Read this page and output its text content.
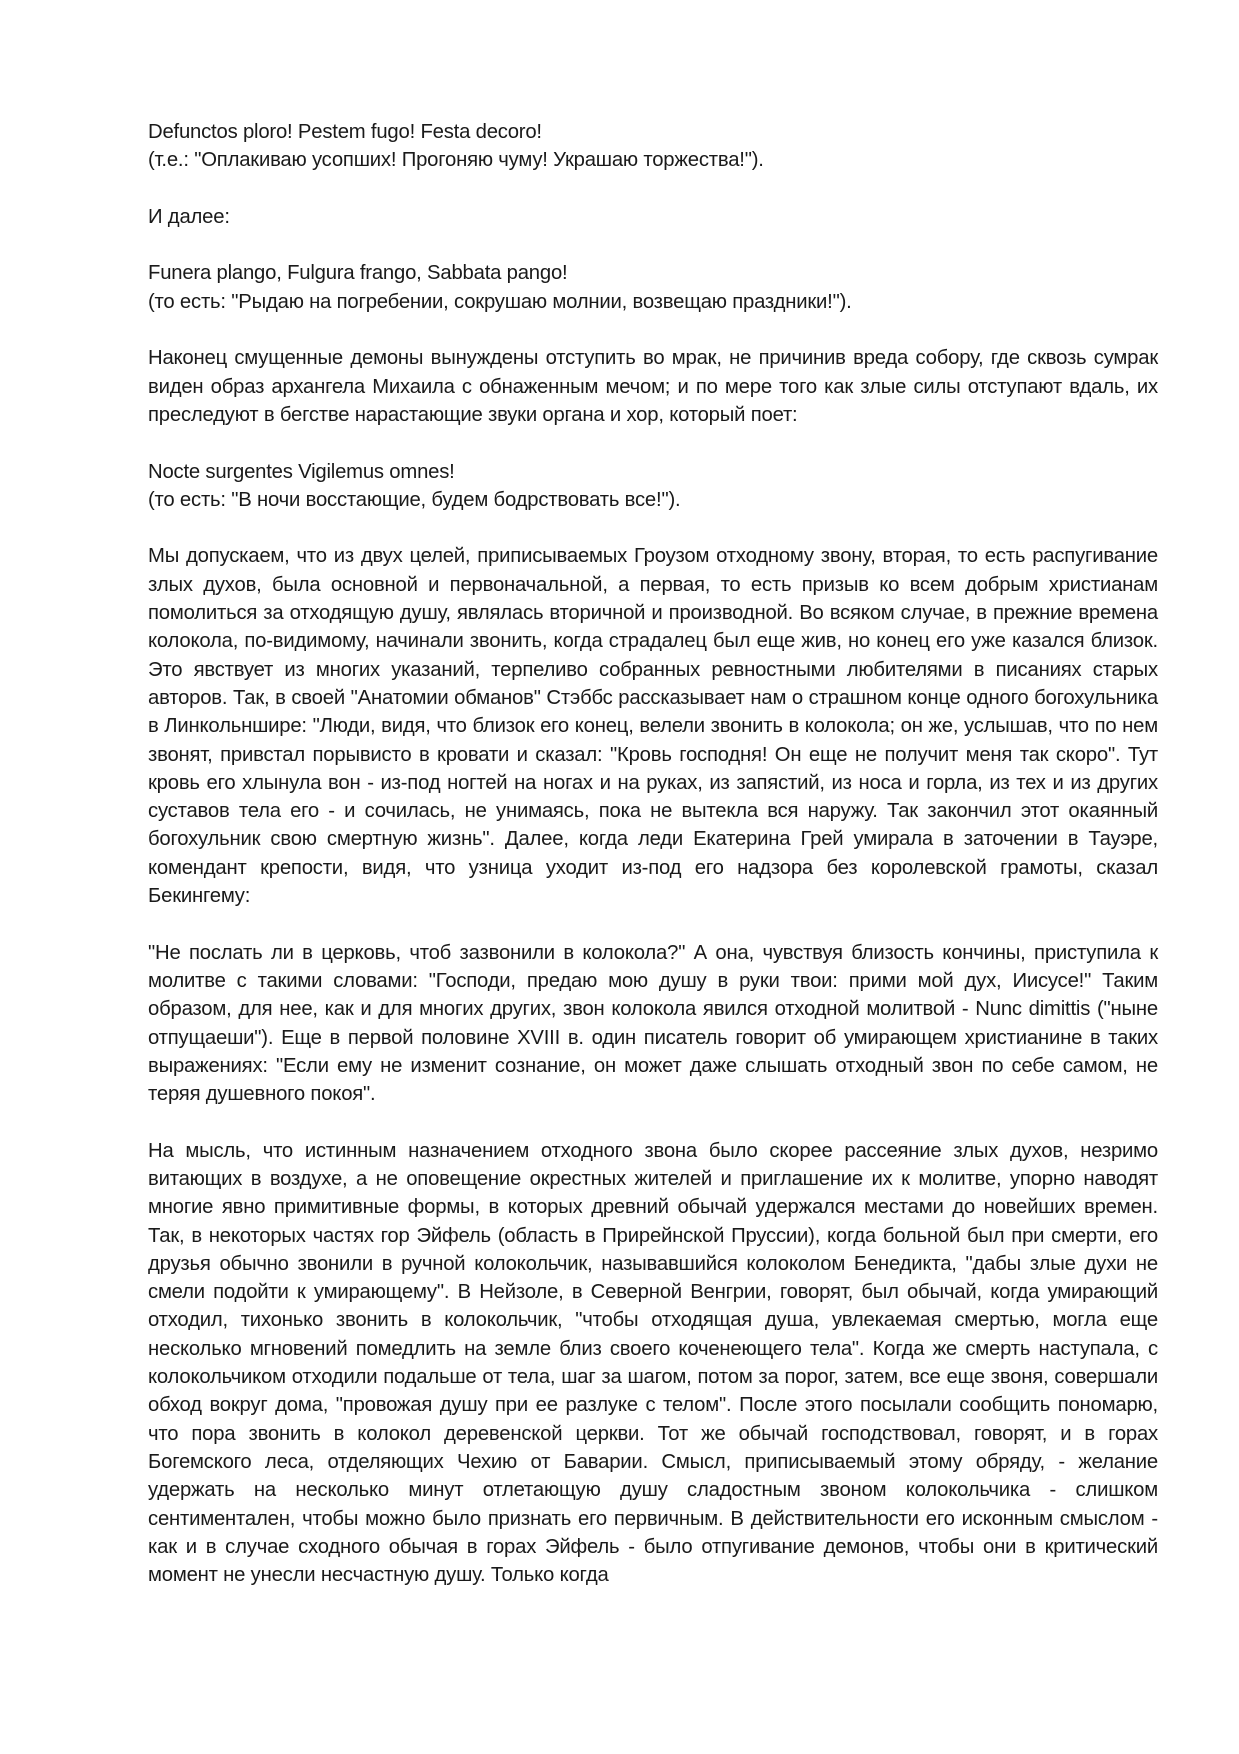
Defunctos ploro! Pestem fugo! Festa decoro!
(т.е.: "Оплакиваю усопших! Прогоняю чуму! Украшаю торжества!").
И далее:
Funera plango, Fulgura frango, Sabbata pango!
(то есть: "Рыдаю на погребении, сокрушаю молнии, возвещаю праздники!").
Наконец смущенные демоны вынуждены отступить во мрак, не причинив вреда собору, где сквозь сумрак виден образ архангела Михаила с обнаженным мечом; и по мере того как злые силы отступают вдаль, их преследуют в бегстве нарастающие звуки органа и хор, который поет:
Nocte surgentes Vigilemus omnes!
(то есть: "В ночи восстающие, будем бодрствовать все!").
Мы допускаем, что из двух целей, приписываемых Гроузом отходному звону, вторая, то есть распугивание злых духов, была основной и первоначальной, а первая, то есть призыв ко всем добрым христианам помолиться за отходящую душу, являлась вторичной и производной. Во всяком случае, в прежние времена колокола, по-видимому, начинали звонить, когда страдалец был еще жив, но конец его уже казался близок. Это явствует из многих указаний, терпеливо собранных ревностными любителями в писаниях старых авторов. Так, в своей "Анатомии обманов" Стэббс рассказывает нам о страшном конце одного богохульника в Линкольншире: "Люди, видя, что близок его конец, велели звонить в колокола; он же, услышав, что по нем звонят, привстал порывисто в кровати и сказал: "Кровь господня! Он еще не получит меня так скоро". Тут кровь его хлынула вон - из-под ногтей на ногах и на руках, из запястий, из носа и горла, из тех и из других суставов тела его - и сочилась, не унимаясь, пока не вытекла вся наружу. Так закончил этот окаянный богохульник свою смертную жизнь". Далее, когда леди Екатерина Грей умирала в заточении в Тауэре, комендант крепости, видя, что узница уходит из-под его надзора без королевской грамоты, сказал Бекингему:
"Не послать ли в церковь, чтоб зазвонили в колокола?" А она, чувствуя близость кончины, приступила к молитве с такими словами: "Господи, предаю мою душу в руки твои: прими мой дух, Иисусе!" Таким образом, для нее, как и для многих других, звон колокола явился отходной молитвой - Nunc dimittis ("ныне отпущаеши"). Еще в первой половине XVIII в. один писатель говорит об умирающем христианине в таких выражениях: "Если ему не изменит сознание, он может даже слышать отходный звон по себе самом, не теряя душевного покоя".
На мысль, что истинным назначением отходного звона было скорее рассеяние злых духов, незримо витающих в воздухе, а не оповещение окрестных жителей и приглашение их к молитве, упорно наводят многие явно примитивные формы, в которых древний обычай удержался местами до новейших времен. Так, в некоторых частях гор Эйфель (область в Прирейнской Пруссии), когда больной был при смерти, его друзья обычно звонили в ручной колокольчик, называвшийся колоколом Бенедикта, "дабы злые духи не смели подойти к умирающему". В Нейзоле, в Северной Венгрии, говорят, был обычай, когда умирающий отходил, тихонько звонить в колокольчик, "чтобы отходящая душа, увлекаемая смертью, могла еще несколько мгновений помедлить на земле близ своего коченеющего тела". Когда же смерть наступала, с колокольчиком отходили подальше от тела, шаг за шагом, потом за порог, затем, все еще звоня, совершали обход вокруг дома, "провожая душу при ее разлуке с телом". После этого посылали сообщить пономарю, что пора звонить в колокол деревенской церкви. Тот же обычай господствовал, говорят, и в горах Богемского леса, отделяющих Чехию от Баварии. Смысл, приписываемый этому обряду, - желание удержать на несколько минут отлетающую душу сладостным звоном колокольчика - слишком сентиментален, чтобы можно было признать его первичным. В действительности его исконным смыслом - как и в случае сходного обычая в горах Эйфель - было отпугивание демонов, чтобы они в критический момент не унесли несчастную душу. Только когда
